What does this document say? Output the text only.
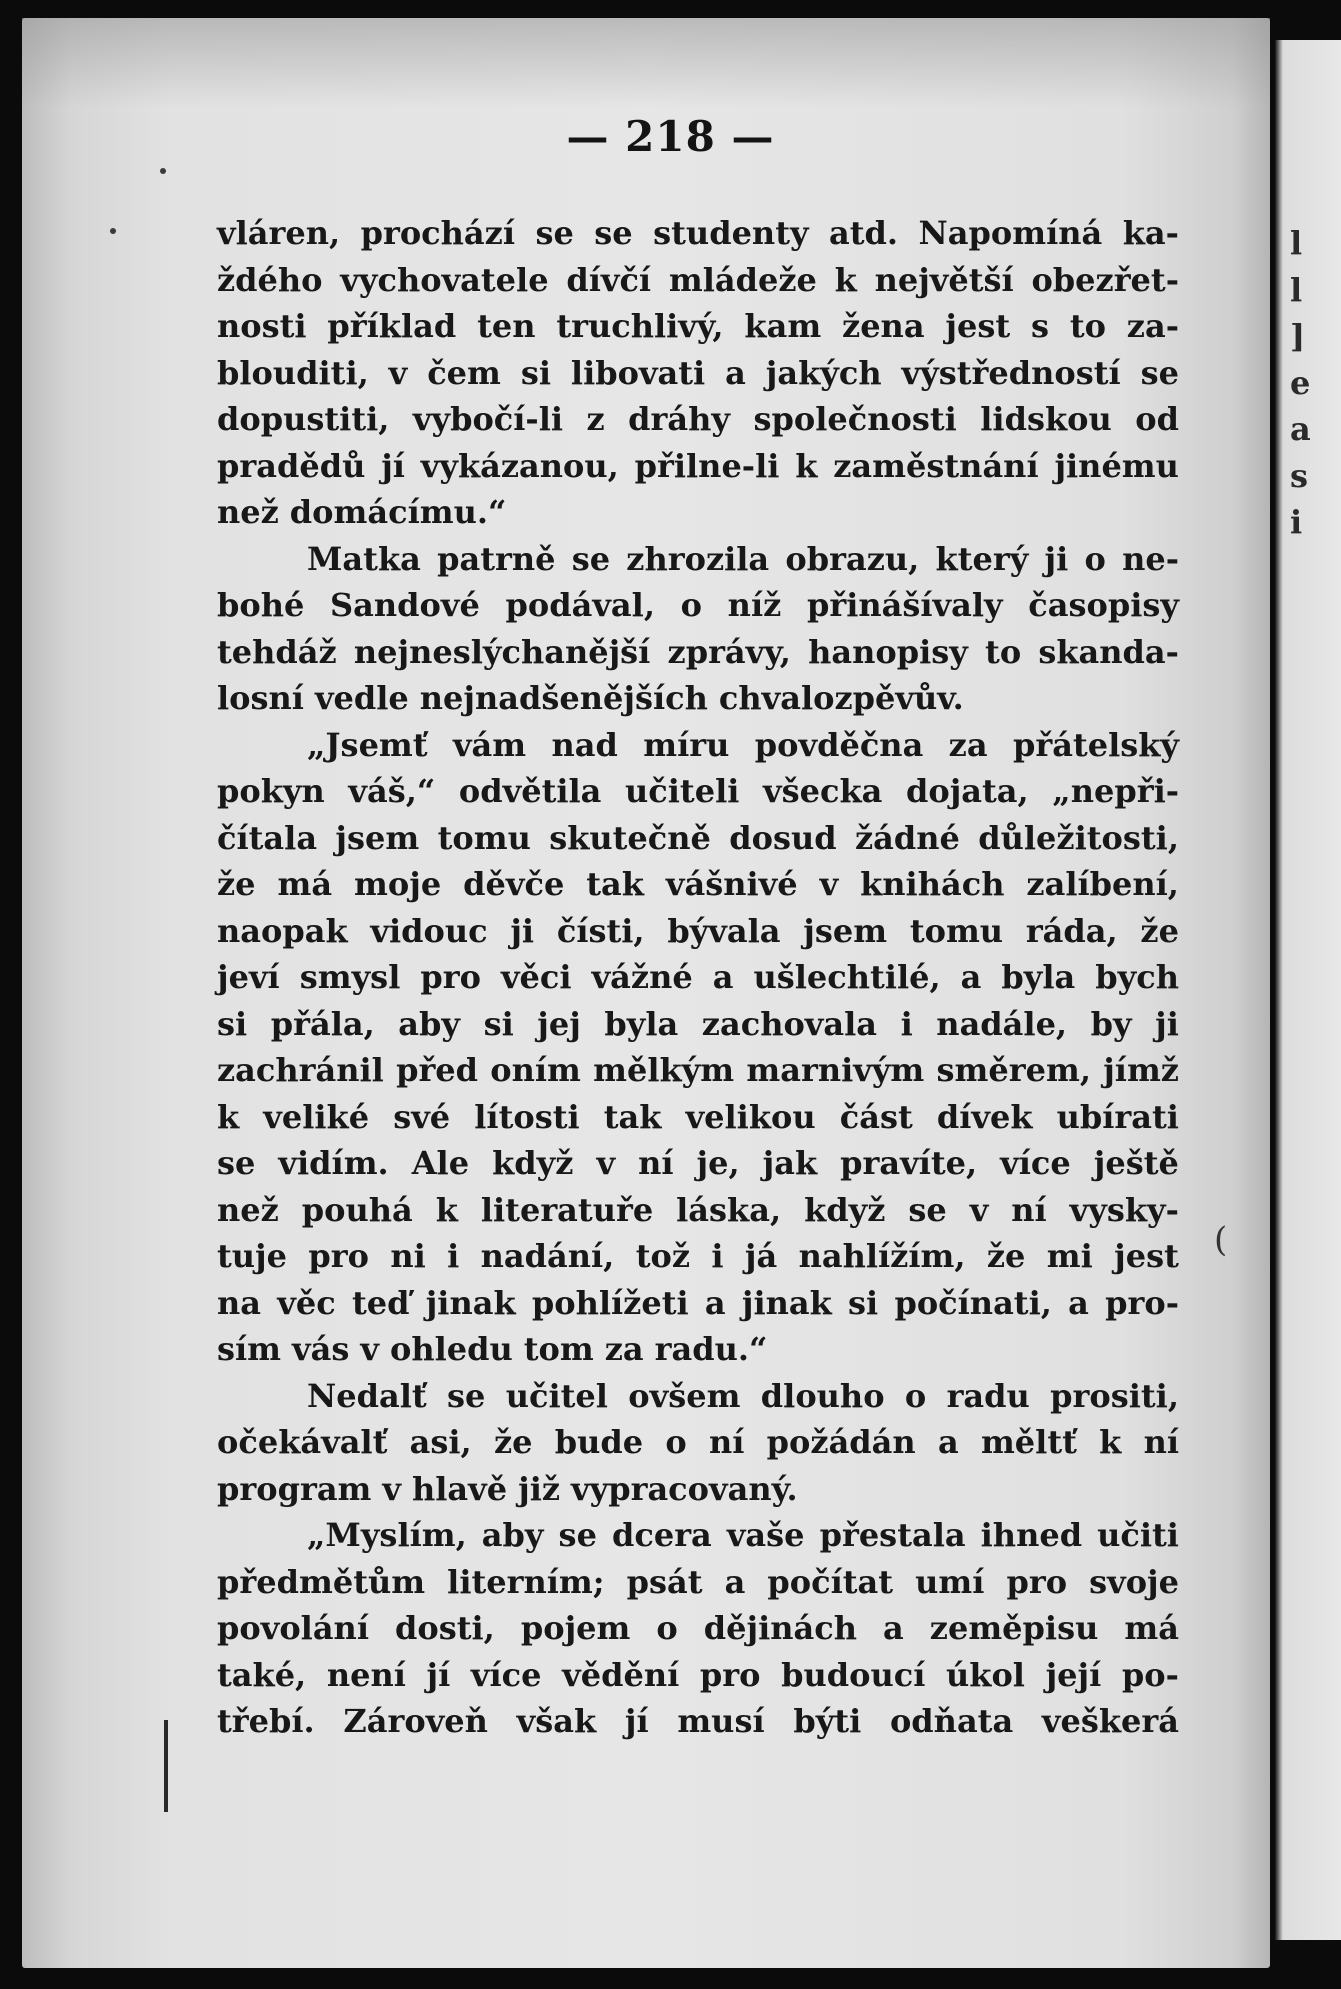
— 218 —
vláren, prochází se se studenty atd. Napomíná ka-
ždého vychovatele dívčí mládeže k největší obezřet-
nosti příklad ten truchlivý, kam žena jest s to za-
blouditi, v čem si libovati a jakých výstředností se
dopustiti, vybočí-li z dráhy společnosti lidskou od
pradědů jí vykázanou, přilne-li k zaměstnání jinému
než domácímu.“
Matka patrně se zhrozila obrazu, který ji o ne-
bohé Sandové podával, o níž přinášívaly časopisy
tehdáž nejneslýchanější zprávy, hanopisy to skanda-
losní vedle nejnadšenějších chvalozpěvův.
„Jsemť vám nad míru povděčna za přátelský
pokyn váš,“ odvětila učiteli všecka dojata, „nepři-
čítala jsem tomu skutečně dosud žádné důležitosti,
že má moje děvče tak vášnivé v knihách zalíbení,
naopak vidouc ji čísti, bývala jsem tomu ráda, že
jeví smysl pro věci vážné a ušlechtilé, a byla bych
si přála, aby si jej byla zachovala i nadále, by ji
zachránil před oním mělkým marnivým směrem, jímž
k veliké své lítosti tak velikou část dívek ubírati
se vidím. Ale když v ní je, jak pravíte, více ještě
než pouhá k literatuře láska, když se v ní vysky-
tuje pro ni i nadání, tož i já nahlížím, že mi jest
na věc teď jinak pohlížeti a jinak si počínati, a pro-
sím vás v ohledu tom za radu.“
Nedalť se učitel ovšem dlouho o radu prositi,
očekávalť asi, že bude o ní požádán a měltť k ní
program v hlavě již vypracovaný.
„Myslím, aby se dcera vaše přestala ihned učiti
předmětům literním; psát a počítat umí pro svoje
povolání dosti, pojem o dějinách a zeměpisu má
také, není jí více vědění pro budoucí úkol její po-
třebí. Zároveň však jí musí býti odňata veškerá
l
l
]
e
a
s
i
(
